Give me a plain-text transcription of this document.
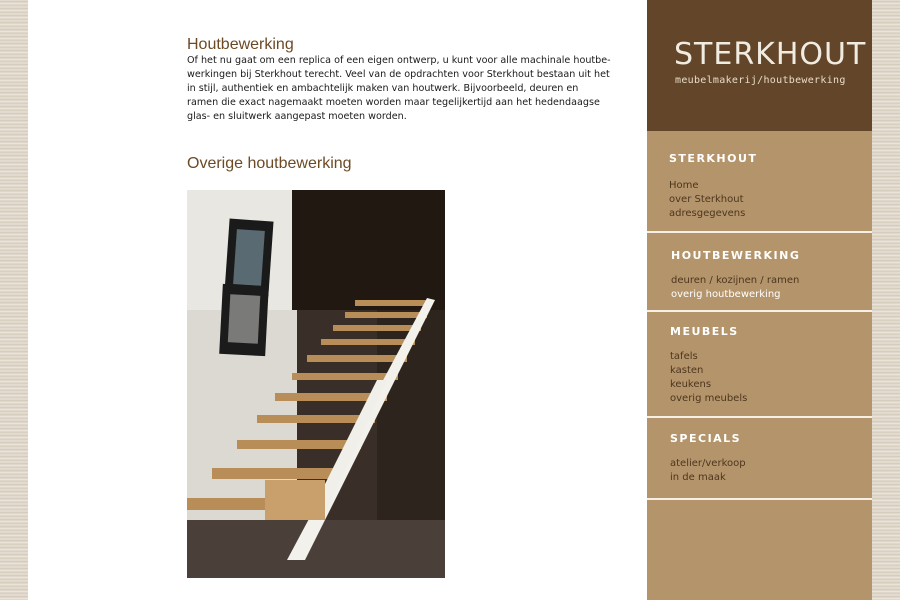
Houtbewerking

Of het nu gaat om een replica of een eigen ontwerp, u kunt voor alle machinale houtbe-werkingen bij Sterkhout terecht. Veel van de opdrachten voor Sterkhout bestaan uit het in stijl, authentiek en ambachtelijk maken van houtwerk. Bijvoorbeeld, deuren en ramen die exact nagemaakt moeten worden maar tegelijkertijd aan het hedendaagse glas- en sluitwerk aangepast moeten worden.

Overige houtbewerking
STERKHOUT
meubelmakerij/houtbewerking
STERKHOUT
Home
over Sterkhout
adresgegevens
HOUTBEWERKING
deuren / kozijnen / ramen
overig houtbewerking
MEUBELS
tafels
kasten
keukens
overig meubels
SPECIALS
atelier/verkoop
in de maak
